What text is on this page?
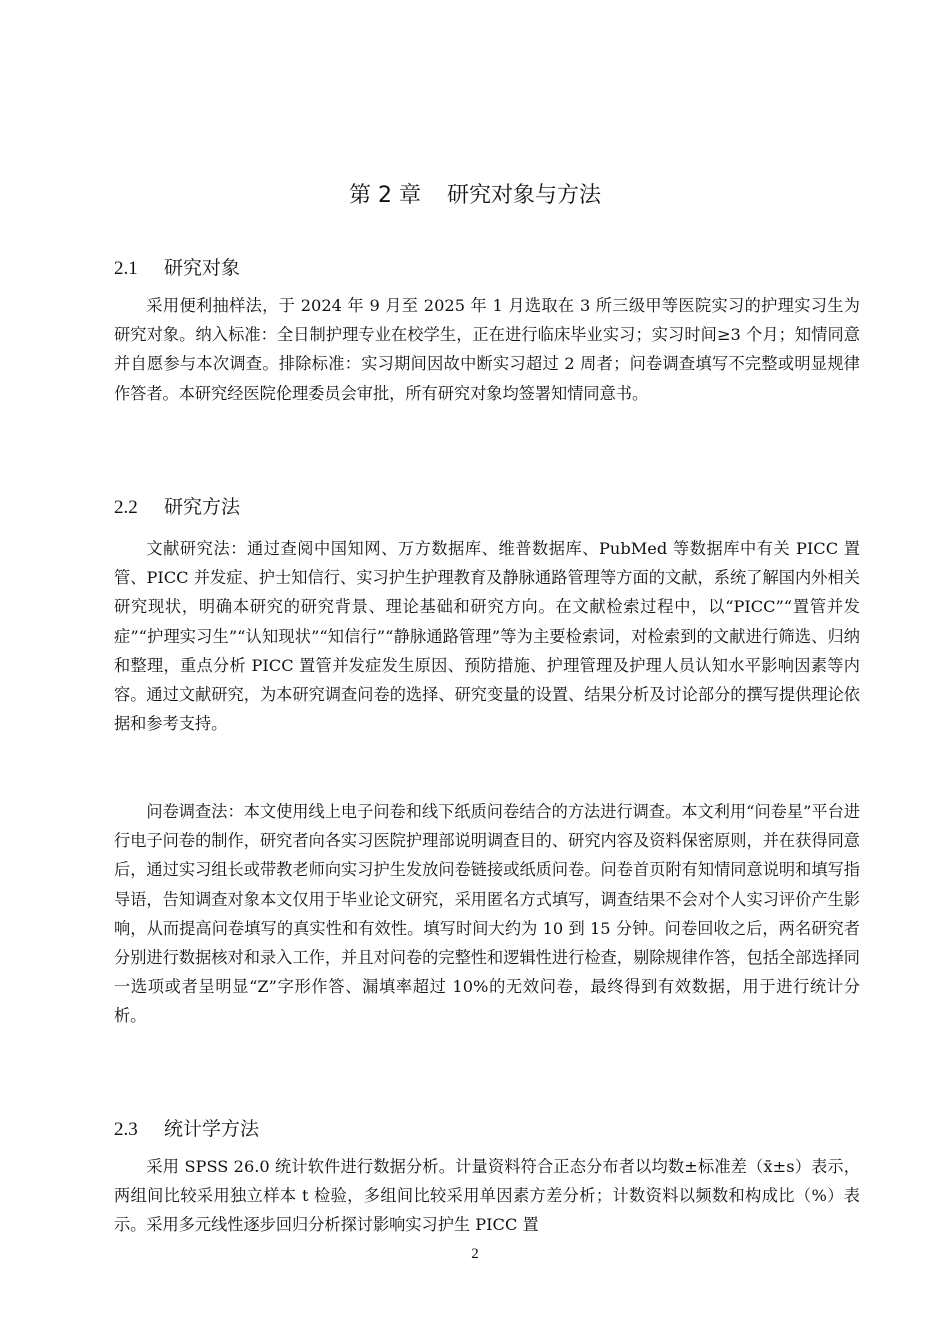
第 2 章 研究对象与方法
2.1 研究对象

采用便利抽样法，于 2024 年 9 月至 2025 年 1 月选取在 3 所三级甲等医院实习的护理实习生为研究对象。纳入标准：全日制护理专业在校学生，正在进行临床毕业实习；实习时间≥3 个月；知情同意并自愿参与本次调查。排除标准：实习期间因故中断实习超过 2 周者；问卷调查填写不完整或明显规律作答者。本研究经医院伦理委员会审批，所有研究对象均签署知情同意书。

2.2 研究方法

文献研究法：通过查阅中国知网、万方数据库、维普数据库、PubMed 等数据库中有关 PICC 置管、PICC 并发症、护士知信行、实习护生护理教育及静脉通路管理等方面的文献，系统了解国内外相关研究现状，明确本研究的研究背景、理论基础和研究方向。在文献检索过程中，以“PICC”“置管并发症”“护理实习生”“认知现状”“知信行”“静脉通路管理”等为主要检索词，对检索到的文献进行筛选、归纳和整理，重点分析 PICC 置管并发症发生原因、预防措施、护理管理及护理人员认知水平影响因素等内容。通过文献研究，为本研究调查问卷的选择、研究变量的设置、结果分析及讨论部分的撰写提供理论依据和参考支持。

问卷调查法：本文使用线上电子问卷和线下纸质问卷结合的方法进行调查。本文利用“问卷星”平台进行电子问卷的制作，研究者向各实习医院护理部说明调查目的、研究内容及资料保密原则，并在获得同意后，通过实习组长或带教老师向实习护生发放问卷链接或纸质问卷。问卷首页附有知情同意说明和填写指导语，告知调查对象本文仅用于毕业论文研究，采用匿名方式填写，调查结果不会对个人实习评价产生影响，从而提高问卷填写的真实性和有效性。填写时间大约为 10 到 15 分钟。问卷回收之后，两名研究者分别进行数据核对和录入工作，并且对问卷的完整性和逻辑性进行检查，剔除规律作答，包括全部选择同一选项或者呈明显“Z”字形作答、漏填率超过 10%的无效问卷，最终得到有效数据，用于进行统计分析。

2.3 统计学方法

采用 SPSS 26.0 统计软件进行数据分析。计量资料符合正态分布者以均数±标准差（x̄±s）表示，两组间比较采用独立样本 t 检验，多组间比较采用单因素方差分析；计数资料以频数和构成比（%）表示。采用多元线性逐步回归分析探讨影响实习护生 PICC 置

2
